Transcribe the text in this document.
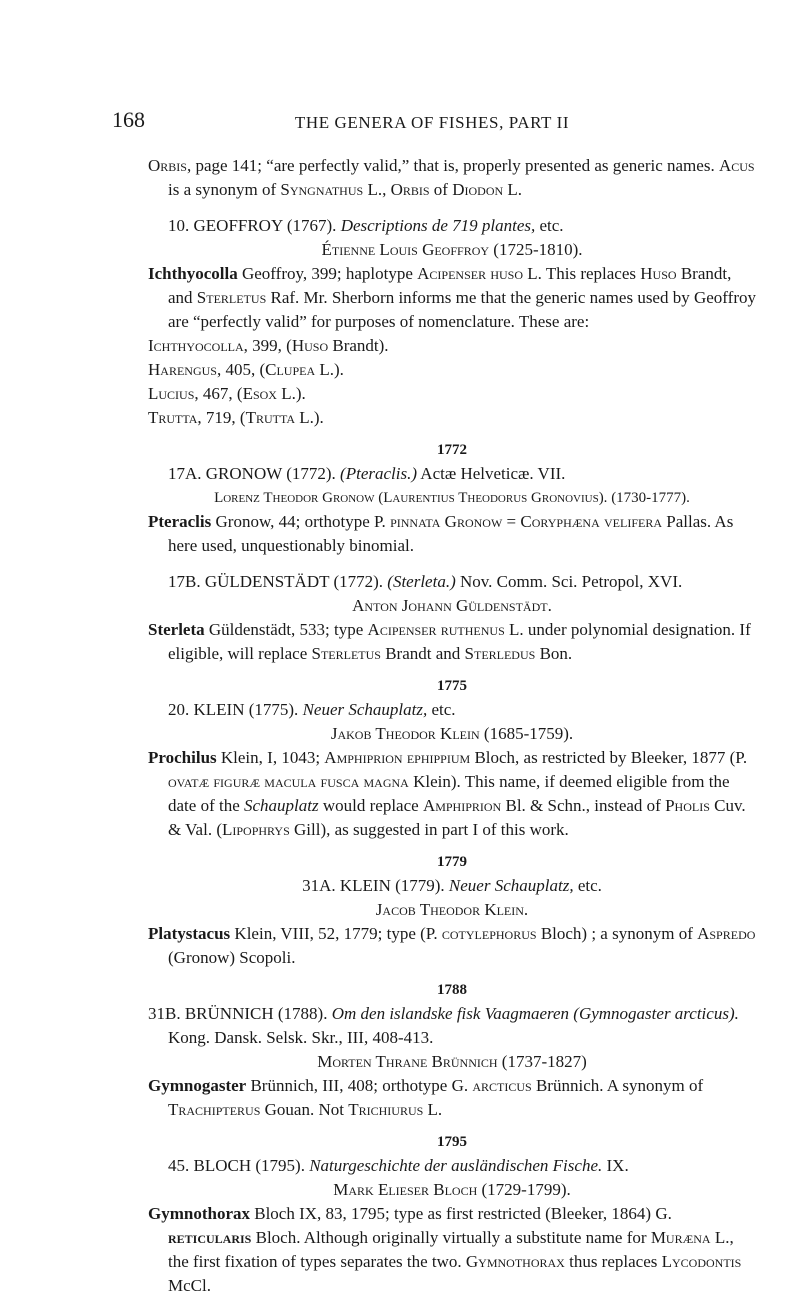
168	THE GENERA OF FISHES, PART II

Orbis, page 141; “are perfectly valid,” that is, properly presented as generic names. Acus is a synonym of Syngnathus L., Orbis of Diodon L.

10. GEOFFROY (1767). Descriptions de 719 plantes, etc.

Étienne Louis Geoffroy (1725-1810).

Ichthyocolla Geoffroy, 399; haplotype Acipenser huso L. This replaces Huso Brandt, and Sterletus Raf. Mr. Sherborn informs me that the generic names used by Geoffroy are “perfectly valid” for purposes of nomenclature. These are:

Ichthyocolla, 399, (Huso Brandt).

Harengus, 405, (Clupea L.).

Lucius, 467, (Esox L.).

Trutta, 719, (Trutta L.).

1772

17A. GRONOW (1772). (Pteraclis.) Actæ Helveticæ. VII.

Lorenz Theodor Gronow (Laurentius Theodorus Gronovius). (1730-1777).

Pteraclis Gronow, 44; orthotype P. pinnata Gronow = Coryphæna velifera Pallas. As here used, unquestionably binomial.

17B. GÜLDENSTÄDT (1772). (Sterleta.) Nov. Comm. Sci. Petropol, XVI.

Anton Johann Güldenstädt.

Sterleta Güldenstädt, 533; type Acipenser ruthenus L. under polynomial designation. If eligible, will replace Sterletus Brandt and Sterledus Bon.

1775

20. KLEIN (1775). Neuer Schauplatz, etc.

Jakob Theodor Klein (1685-1759).

Prochilus Klein, I, 1043; Amphiprion ephippium Bloch, as restricted by Bleeker, 1877 (P. ovatæ figuræ macula fusca magna Klein). This name, if deemed eligible from the date of the Schauplatz would replace Amphiprion Bl. & Schn., instead of Pholis Cuv. & Val. (Lipophrys Gill), as suggested in part I of this work.

1779

31A. KLEIN (1779). Neuer Schauplatz, etc.

Jacob Theodor Klein.

Platystacus Klein, VIII, 52, 1779; type (P. cotylephorus Bloch) ; a synonym of Aspredo (Gronow) Scopoli.

1788

31B. BRÜNNICH (1788). Om den islandske fisk Vaagmaeren (Gymnogaster arcticus). Kong. Dansk. Selsk. Skr., III, 408-413.

Morten Thrane Brünnich (1737-1827)

Gymnogaster Brünnich, III, 408; orthotype G. arcticus Brünnich. A synonym of Trachipterus Gouan. Not Trichiurus L.

1795

45. BLOCH (1795). Naturgeschichte der ausländischen Fische. IX.

Mark Elieser Bloch (1729-1799).

Gymnothorax Bloch IX, 83, 1795; type as first restricted (Bleeker, 1864) G. reticularis Bloch. Although originally virtually a substitute name for Muræna L., the first fixation of types separates the two. Gymnothorax thus replaces Lycodontis McCl.
